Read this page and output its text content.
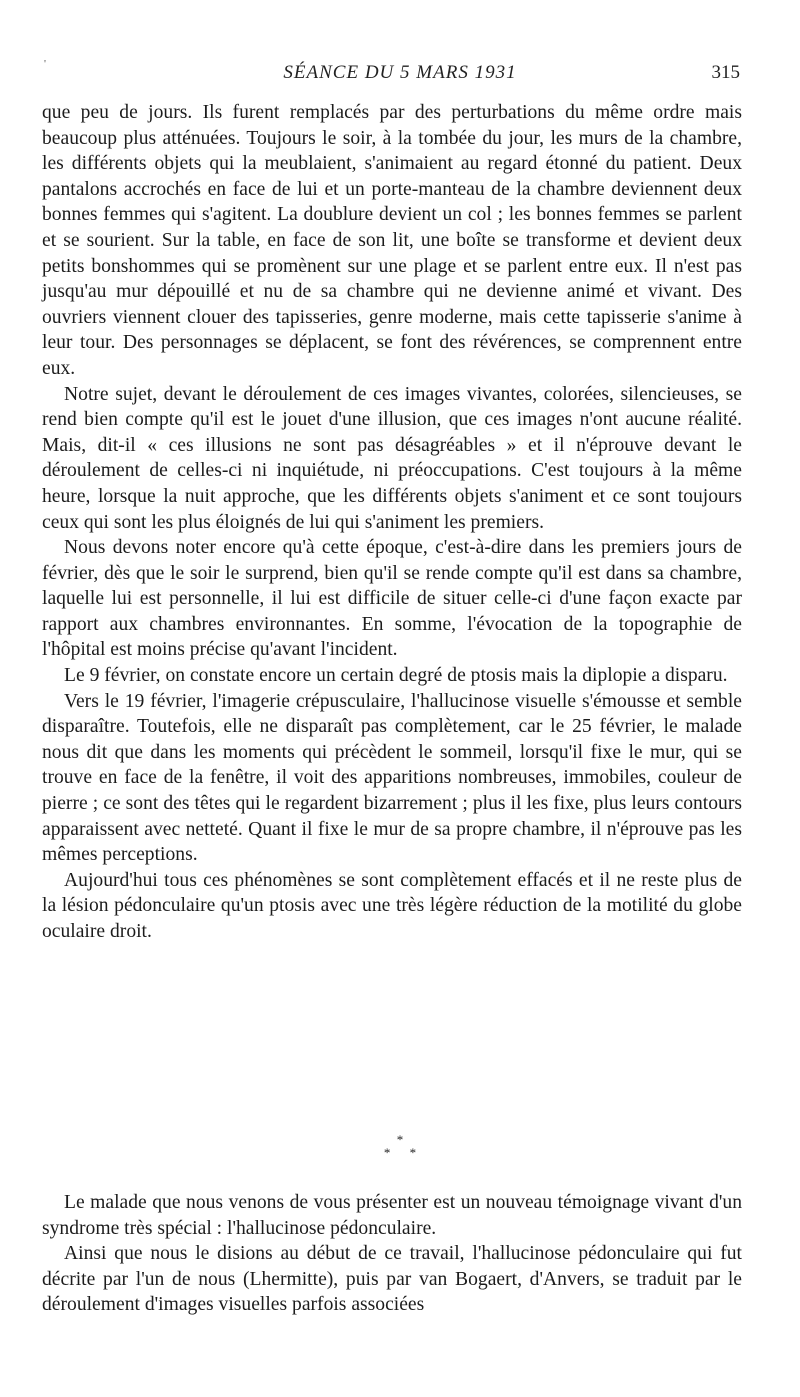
'	SÉANCE DU 5 MARS 1931	315

que peu de jours. Ils furent remplacés par des perturbations du même ordre mais beaucoup plus atténuées. Toujours le soir, à la tombée du jour, les murs de la chambre, les différents objets qui la meublaient, s'animaient au regard étonné du patient. Deux pantalons accrochés en face de lui et un porte-manteau de la chambre deviennent deux bonnes femmes qui s'agitent. La doublure devient un col ; les bonnes femmes se parlent et se sourient. Sur la table, en face de son lit, une boîte se transforme et devient deux petits bonshommes qui se promènent sur une plage et se parlent entre eux. Il n'est pas jusqu'au mur dépouillé et nu de sa chambre qui ne devienne animé et vivant. Des ouvriers viennent clouer des tapisseries, genre moderne, mais cette tapisserie s'anime à leur tour. Des personnages se déplacent, se font des révérences, se comprennent entre eux.

Notre sujet, devant le déroulement de ces images vivantes, colorées, silencieuses, se rend bien compte qu'il est le jouet d'une illusion, que ces images n'ont aucune réalité. Mais, dit-il « ces illusions ne sont pas désagréables » et il n'éprouve devant le déroulement de celles-ci ni inquiétude, ni préoccupations. C'est toujours à la même heure, lorsque la nuit approche, que les différents objets s'animent et ce sont toujours ceux qui sont les plus éloignés de lui qui s'animent les premiers.

Nous devons noter encore qu'à cette époque, c'est-à-dire dans les premiers jours de février, dès que le soir le surprend, bien qu'il se rende compte qu'il est dans sa chambre, laquelle lui est personnelle, il lui est difficile de situer celle-ci d'une façon exacte par rapport aux chambres environnantes. En somme, l'évocation de la topographie de l'hôpital est moins précise qu'avant l'incident.

Le 9 février, on constate encore un certain degré de ptosis mais la diplopie a disparu.

Vers le 19 février, l'imagerie crépusculaire, l'hallucinose visuelle s'émousse et semble disparaître. Toutefois, elle ne disparaît pas complètement, car le 25 février, le malade nous dit que dans les moments qui précèdent le sommeil, lorsqu'il fixe le mur, qui se trouve en face de la fenêtre, il voit des apparitions nombreuses, immobiles, couleur de pierre ; ce sont des têtes qui le regardent bizarrement ; plus il les fixe, plus leurs contours apparaissent avec netteté. Quant il fixe le mur de sa propre chambre, il n'éprouve pas les mêmes perceptions.

Aujourd'hui tous ces phénomènes se sont complètement effacés et il ne reste plus de la lésion pédonculaire qu'un ptosis avec une très légère réduction de la motilité du globe oculaire droit.

*
* *

Le malade que nous venons de vous présenter est un nouveau témoignage vivant d'un syndrome très spécial : l'hallucinose pédonculaire.

Ainsi que nous le disions au début de ce travail, l'hallucinose pédonculaire qui fut décrite par l'un de nous (Lhermitte), puis par van Bogaert, d'Anvers, se traduit par le déroulement d'images visuelles parfois associées
